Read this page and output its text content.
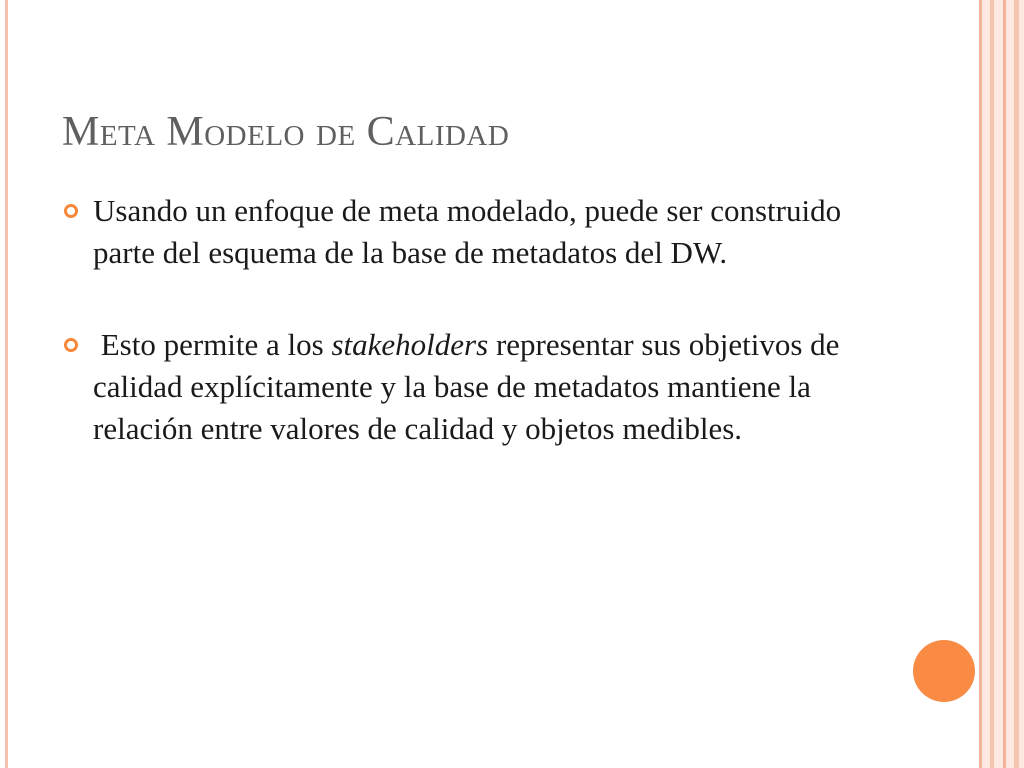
Meta Modelo de Calidad
Usando un enfoque de meta modelado, puede ser construido parte del esquema de la base de metadatos del DW.
Esto permite a los stakeholders representar sus objetivos de calidad explícitamente y la base de metadatos mantiene la relación entre valores de calidad y objetos medibles.
